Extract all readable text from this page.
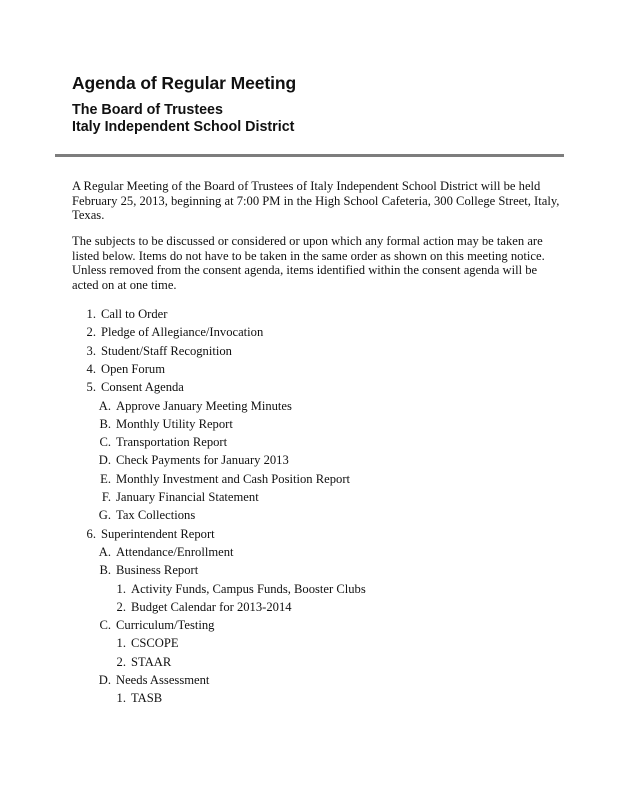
Agenda of Regular Meeting
The Board of Trustees
Italy Independent School District
A Regular Meeting of the Board of Trustees of Italy Independent School District will be held
February 25, 2013, beginning at 7:00 PM in the High School Cafeteria, 300 College Street, Italy,
Texas.
The subjects to be discussed or considered or upon which any formal action may be taken are
listed below. Items do not have to be taken in the same order as shown on this meeting notice.
Unless removed from the consent agenda, items identified within the consent agenda will be
acted on at one time.
1. Call to Order
2. Pledge of Allegiance/Invocation
3. Student/Staff Recognition
4. Open Forum
5. Consent Agenda
A. Approve January Meeting Minutes
B. Monthly Utility Report
C. Transportation Report
D. Check Payments for January 2013
E. Monthly Investment and Cash Position Report
F. January Financial Statement
G. Tax Collections
6. Superintendent Report
A. Attendance/Enrollment
B. Business Report
1. Activity Funds, Campus Funds, Booster Clubs
2. Budget Calendar for 2013-2014
C. Curriculum/Testing
1. CSCOPE
2. STAAR
D. Needs Assessment
1. TASB
